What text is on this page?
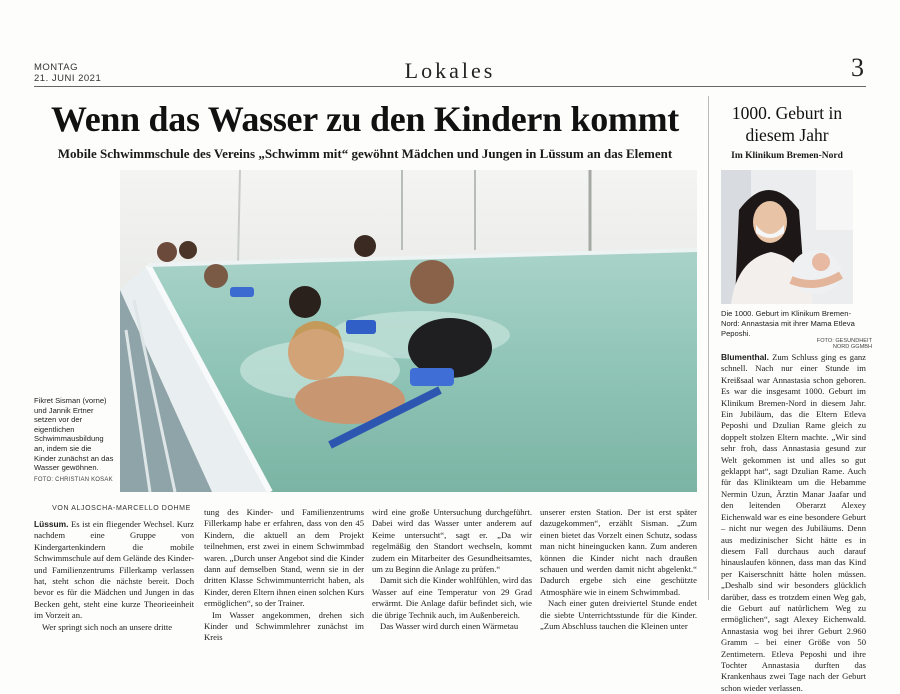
MONTAG
21. JUNI 2021	Lokales	3
Wenn das Wasser zu den Kindern kommt
Mobile Schwimmschule des Vereins „Schwimm mit“ gewöhnt Mädchen und Jungen in Lüssum an das Element
Fikret Sisman (vorne) und Jannik Ertner setzen vor der eigentlichen Schwimmausbildung an, indem sie die Kinder zunächst an das Wasser gewöhnen.
FOTO: CHRISTIAN KOSAK
VON ALJOSCHA-MARCELLO DOHME

Lüssum. Es ist ein fliegender Wechsel. Kurz nachdem eine Gruppe von Kindergartenkindern die mobile Schwimmschule auf dem Gelände des Kinder- und Familienzentrums Fillerkamp verlassen hat, steht schon die nächste bereit. Doch bevor es für die Mädchen und Jungen in das Becken geht, steht eine kurze Theorieeinheit im Vorzeit an.

Wer springt sich noch an unsere dritte

tung des Kinder- und Familienzentrums Fillerkamp habe er erfahren, dass von den 45 Kindern, die aktuell an dem Projekt teilnehmen, erst zwei in einem Schwimmbad waren. „Durch unser Angebot sind die Kinder dann auf demselben Stand, wenn sie in der dritten Klasse Schwimmunterricht haben, als Kinder, deren Eltern ihnen einen solchen Kurs ermöglichen“, so der Trainer.

Im Wasser angekommen, drehen sich Kinder und Schwimmlehrer zunächst im Kreis

wird eine große Untersuchung durchgeführt. Dabei wird das Wasser unter anderem auf Keime untersucht“, sagt er. „Da wir regelmäßig den Standort wechseln, kommt zudem ein Mitarbeiter des Gesundheitsamtes, um zu Beginn die Anlage zu prüfen.“

Damit sich die Kinder wohlfühlen, wird das Wasser auf eine Temperatur von 29 Grad erwärmt. Die Anlage dafür befindet sich, wie die übrige Technik auch, im Außenbereich.

Das Wasser wird durch einen Wärmetau

unserer ersten Station. Der ist erst später dazugekommen“, erzählt Sisman. „Zum einen bietet das Vorzelt einen Schutz, sodass man nicht hineingucken kann. Zum anderen können die Kinder nicht nach draußen schauen und werden damit nicht abgelenkt.“ Dadurch ergebe sich eine geschützte Atmosphäre wie in einem Schwimmbad.

Nach einer guten dreiviertel Stunde endet die siebte Unterrichtsstunde für die Kinder. „Zum Abschluss tauchen die Kleinen unter

1000. Geburt in diesem Jahr
Im Klinikum Bremen-Nord
Die 1000. Geburt im Klinikum Bremen-Nord: Annastasia mit ihrer Mama Etleva Peposhi.
FOTO: GESUNDHEIT NORD GGMBH
Blumenthal. Zum Schluss ging es ganz schnell. Nach nur einer Stunde im Kreißsaal war Annastasia schon geboren. Es war die insgesamt 1000. Geburt im Klinikum Bremen-Nord in diesem Jahr. Ein Jubiläum, das die Eltern Etleva Peposhi und Dzulian Rame gleich zu doppelt stolzen Eltern machte. „Wir sind sehr froh, dass Annastasia gesund zur Welt gekommen ist und alles so gut geklappt hat“, sagt Dzulian Rame. Auch für das Klinikteam um die Hebamme Nermin Uzun, Ärztin Manar Jaafar und den leitenden Oberarzt Alexey Eichenwald war es eine besondere Geburt – nicht nur wegen des Jubiläums. Denn aus medizinischer Sicht hätte es in diesem Fall durchaus auch darauf hinauslaufen können, dass man das Kind per Kaiserschnitt hätte holen müssen. „Deshalb sind wir besonders glücklich darüber, dass es trotzdem einen Weg gab, die Geburt auf natürlichem Weg zu ermöglichen“, sagt Alexey Eichenwald. Annastasia wog bei ihrer Geburt 2.960 Gramm – bei einer Größe von 50 Zentimetern. Etleva Peposhi und ihre Tochter Annastasia durften das Krankenhaus zwei Tage nach der Geburt schon wieder verlassen.
